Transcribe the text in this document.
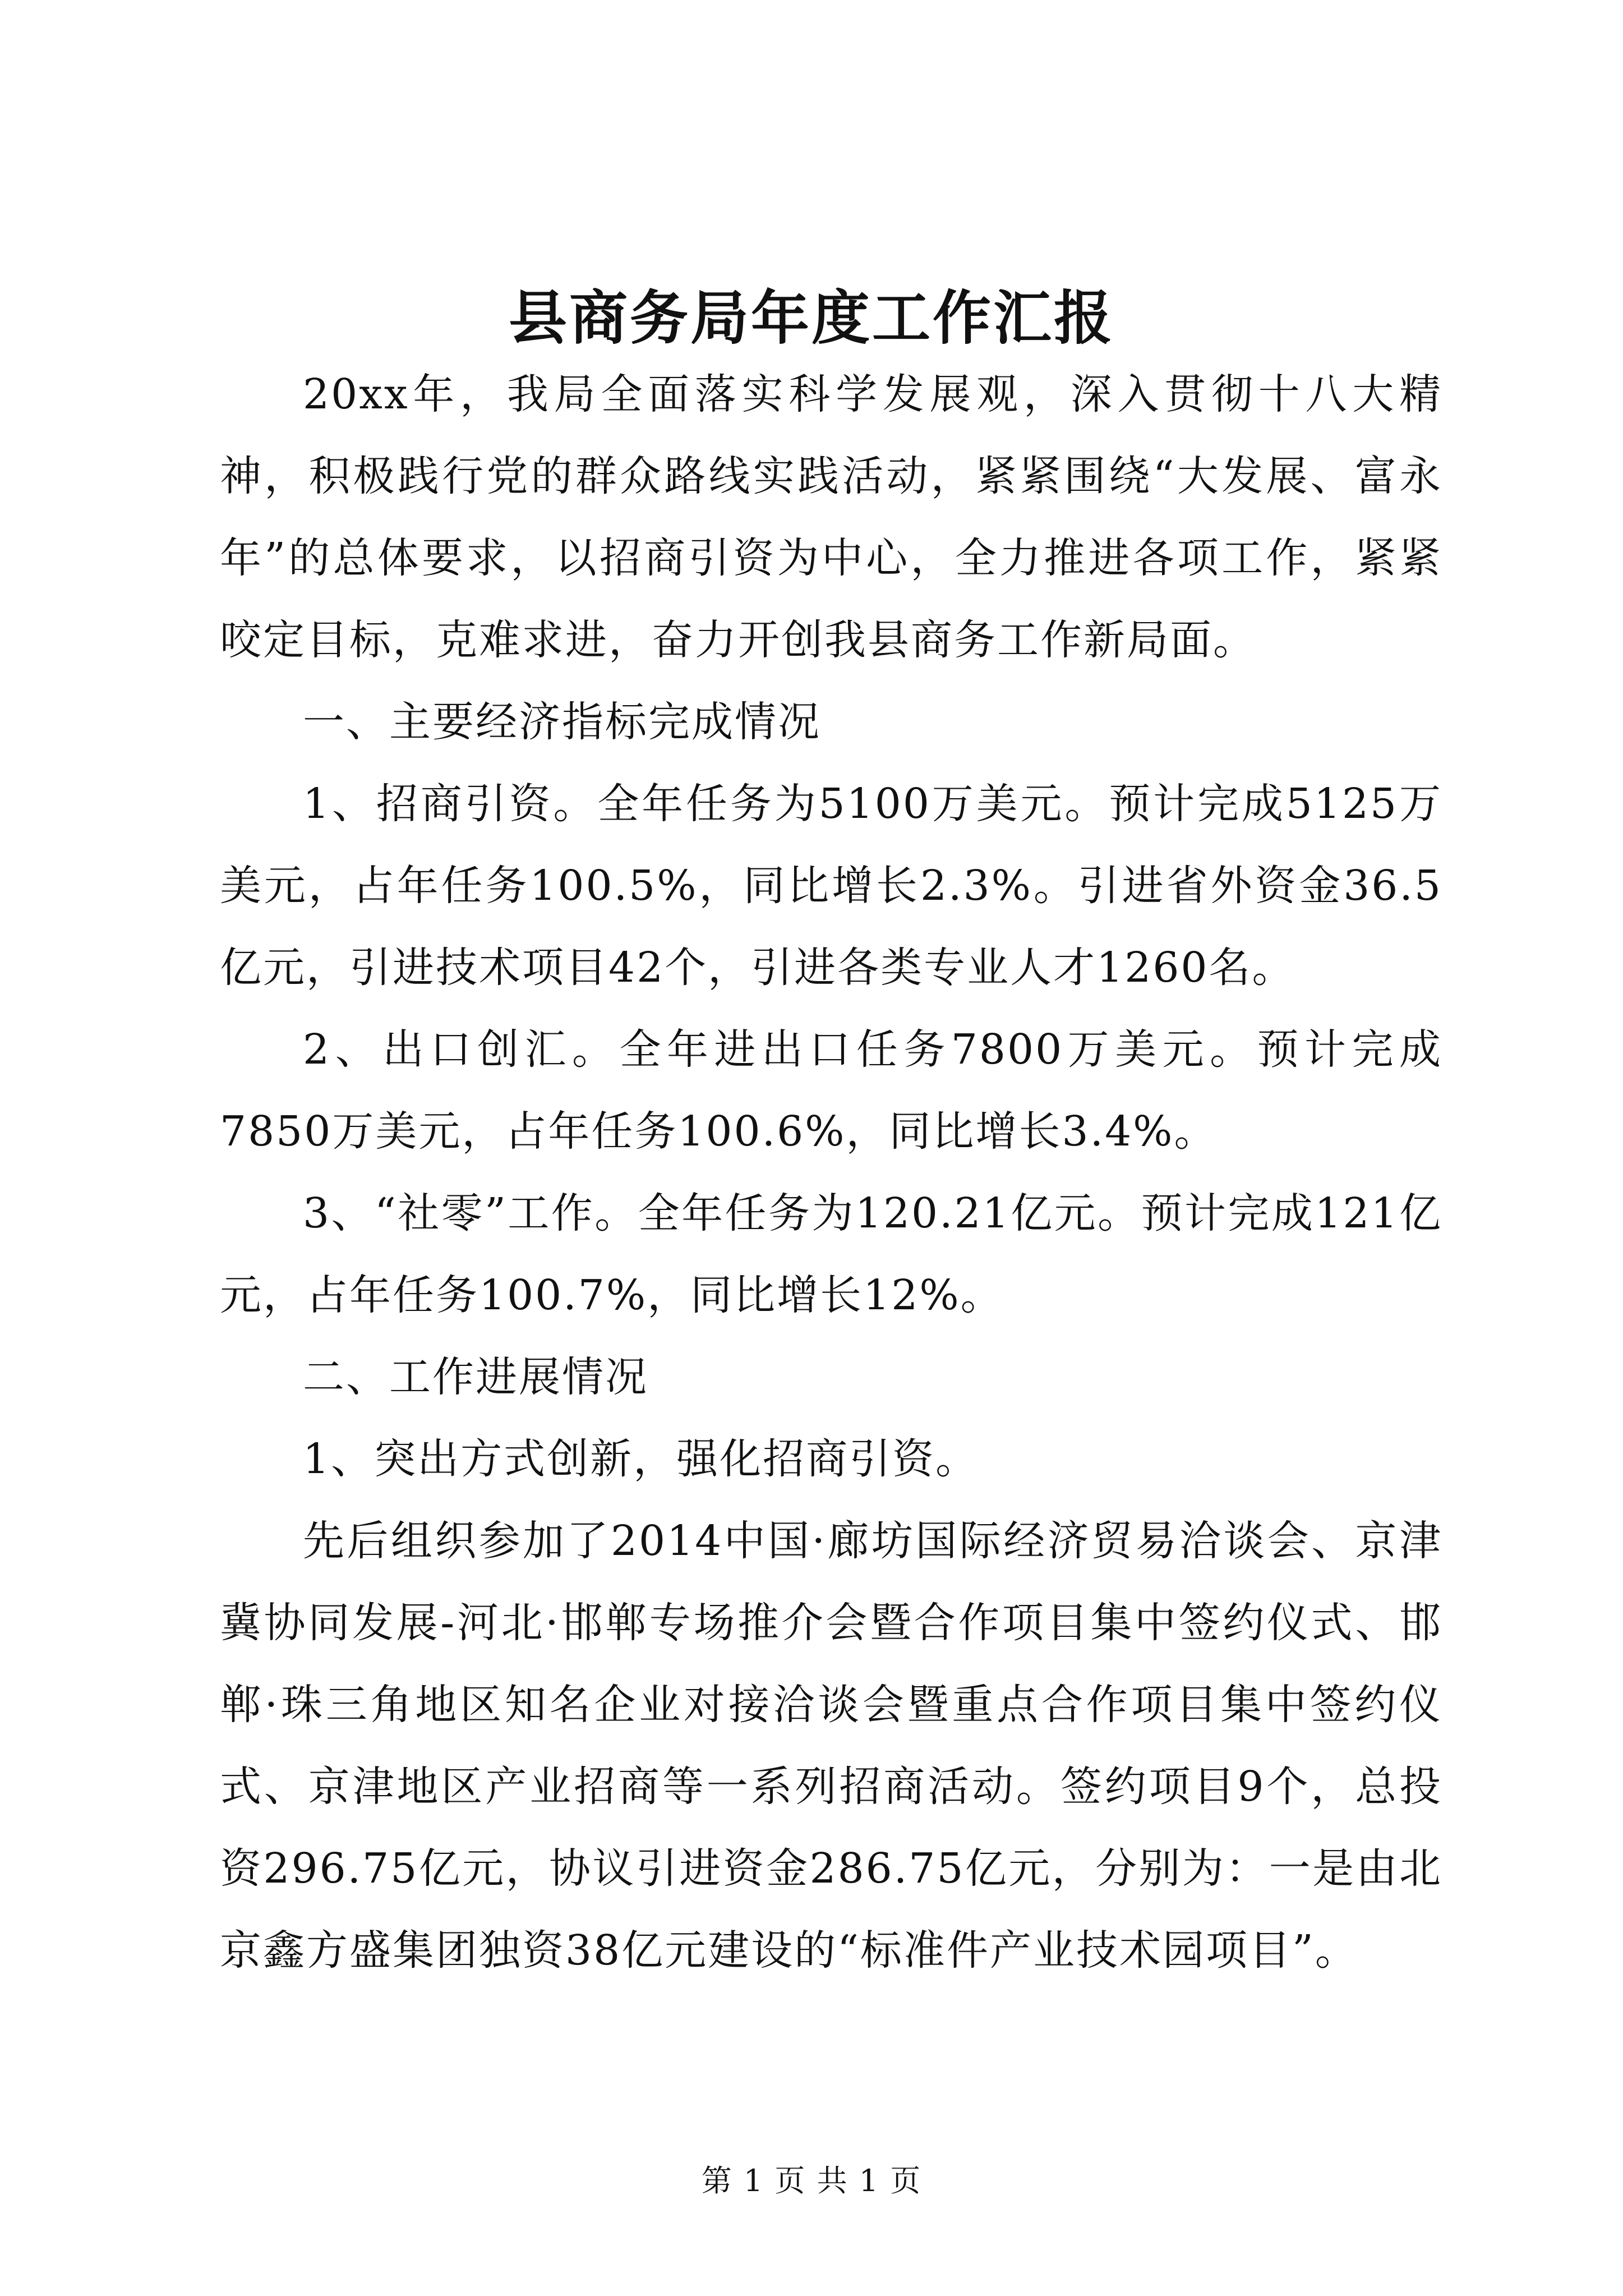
县商务局年度工作汇报

20xx年，我局全面落实科学发展观，深入贯彻十八大精神，积极践行党的群众路线实践活动，紧紧围绕“大发展、富永年”的总体要求，以招商引资为中心，全力推进各项工作，紧紧咬定目标，克难求进，奋力开创我县商务工作新局面。

一、主要经济指标完成情况

1、招商引资。全年任务为5100万美元。预计完成5125万美元，占年任务100.5%，同比增长2.3%。引进省外资金36.5亿元，引进技术项目42个，引进各类专业人才1260名。

2、出口创汇。全年进出口任务7800万美元。预计完成7850万美元，占年任务100.6%，同比增长3.4%。

3、“社零”工作。全年任务为120.21亿元。预计完成121亿元，占年任务100.7%，同比增长12%。

二、工作进展情况

1、突出方式创新，强化招商引资。

先后组织参加了2014中国·廊坊国际经济贸易洽谈会、京津冀协同发展-河北·邯郸专场推介会暨合作项目集中签约仪式、邯郸·珠三角地区知名企业对接洽谈会暨重点合作项目集中签约仪式、京津地区产业招商等一系列招商活动。签约项目9个，总投资296.75亿元，协议引进资金286.75亿元，分别为：一是由北京鑫方盛集团独资38亿元建设的“标准件产业技术园项目”。

第 1 页 共 1 页
